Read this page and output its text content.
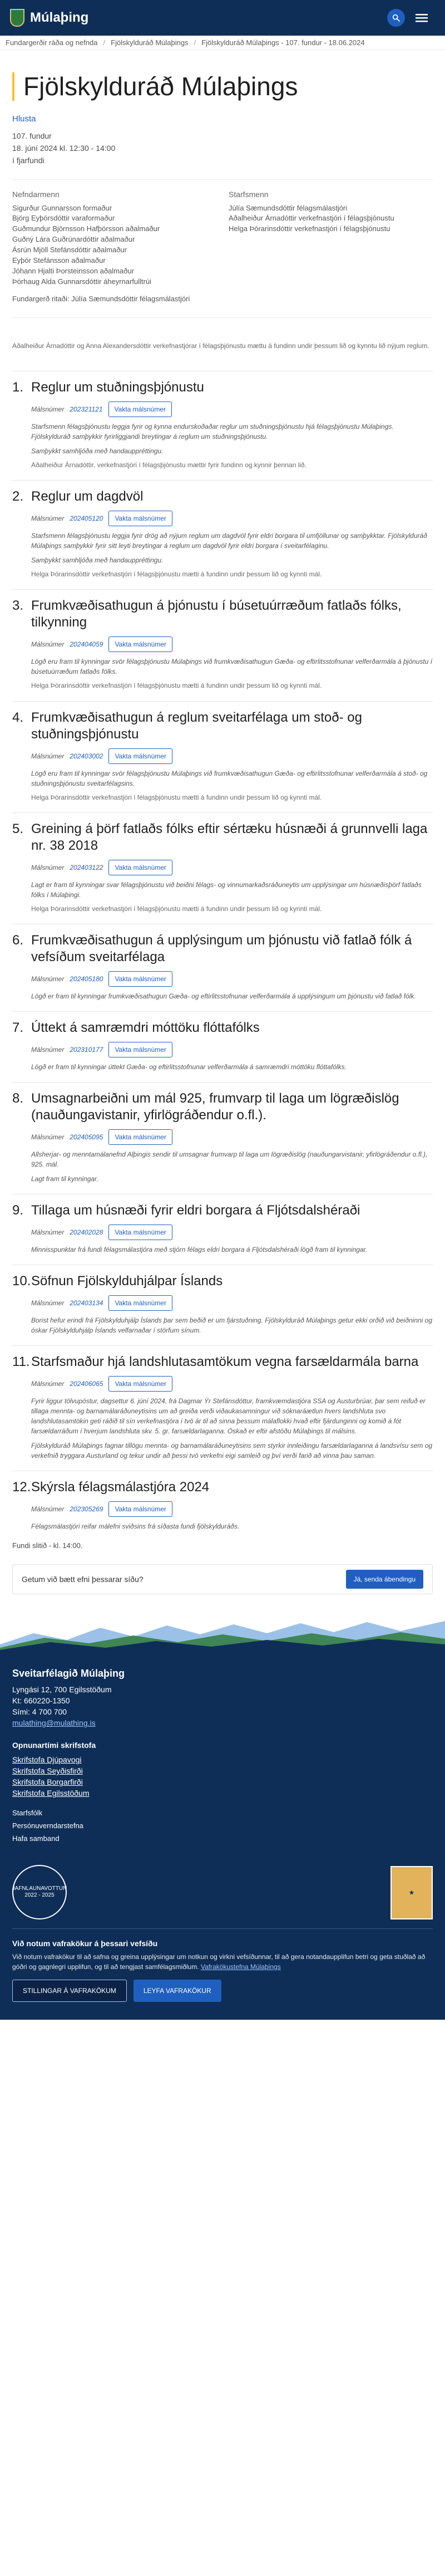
Múlaþing
Fundargerðir ráða og nefnda / Fjölskylduráð Múlaþings / Fjölskylduráð Múlaþings - 107. fundur - 18.06.2024
Fjölskylduráð Múlaþings
Hlusta
107. fundur
18. júní 2024 kl. 12:30 - 14:00
í fjarfundi
Nefndarmenn
Sigurður Gunnarsson formaður
Björg Eyþórsdóttir varaformaður
Guðmundur Björnsson Hafþórsson aðalmaður
Guðný Lára Guðrúnardóttir aðalmaður
Ásrún Mjöll Stefánsdóttir aðalmaður
Eyþór Stefánsson aðalmaður
Jóhann Hjalti Þorsteinsson aðalmaður
Þórhaug Alda Gunnarsdóttir áheyrnarfulltrúi
Starfsmenn
Júlía Sæmundsdóttir félagsmálastjóri
Aðalheiður Árnadóttir verkefnastjóri í félagsþjónustu
Helga Þórarinsdóttir verkefnastjóri í félagsþjónustu
Fundargerð ritaði: Júlía Sæmundsdóttir félagsmálastjóri
Aðalheiður Árnadóttir og Anna Alexandersdóttir verkefnastjórar í félagsþjónustu mættu á fundinn undir þessum lið og kynntu lið nýjum reglum.
1. Reglur um stuðningsþjónustu
Málsnúmer 202321121	Vakta málsnúmer

Starfsmenn félagsþjónustu leggja fyrir og kynna endurskoðaðar reglur um stuðningsþjónustu hjá félagsþjónustu Múlaþings. Fjölskylduráð samþykkir fyrirliggjandi breytingar á reglum um stuðningsþjónustu.

Samþykkt samhljóða með handauppréttingu.

Aðalheiður Árnadóttir, verkefnastjóri í félagsþjónustu mættir fyrir fundinn og kynnir þennan lið.

2. Reglur um dagdvöl
Málsnúmer 202405120	Vakta málsnúmer

Starfsmenn félagsþjónustu leggja fyrir drög að nýjum reglum um dagdvöl fyrir eldri borgara til umfjöllunar og samþykktar. Fjölskylduráð Múlaþings samþykkir fyrir sitt leyti breytingar á reglum um dagdvöl fyrir eldri borgara í sveitarfélaginu.

Samþykkt samhljóða með handauppréttingu.

Helga Þórarinsdóttir verkefnastjóri í félagsþjónustu mætti á fundinn undir þessum lið og kynnti mál.

3. Frumkvæðisathugun á þjónustu í búsetuúrræðum fatlaðs fólks, tilkynning
Málsnúmer 202404059	Vakta málsnúmer

Lögð eru fram til kynningar svör félagsþjónustu Múlaþings við frumkvæðisathugun Gæða- og eftirlitsstofnunar velferðarmála á þjónustu í búsetuúrræðum fatlaðs fólks.

Helga Þórarinsdóttir verkefnastjóri í félagsþjónustu mætti á fundinn undir þessum lið og kynnti mál.

4. Frumkvæðisathugun á reglum sveitarfélaga um stoð- og stuðningsþjónustu
Málsnúmer 202403002	Vakta málsnúmer

Lögð eru fram til kynningar svör félagsþjónustu Múlaþings við frumkvæðisathugun Gæða- og eftirlitsstofnunar velferðarmála á stoð- og stuðningsþjónustu sveitarfélagsins.

Helga Þórarinsdóttir verkefnastjóri í félagsþjónustu mætti á fundinn undir þessum lið og kynnti mál.

5. Greining á þörf fatlaðs fólks eftir sértæku húsnæði á grunnvelli laga nr. 38 2018
Málsnúmer 202403122	Vakta málsnúmer

Lagt er fram til kynningar svar félagsþjónustu við beiðni félags- og vinnumarkaðsráðuneytis um upplýsingar um húsnæðisþörf fatlaðs fólks í Múlaþingi.

Helga Þórarinsdóttir verkefnastjóri í félagsþjónustu mætti á fundinn undir þessum lið og kynnti mál.

6. Frumkvæðisathugun á upplýsingum um þjónustu við fatlað fólk á vefsíðum sveitarfélaga
Málsnúmer 202405180	Vakta málsnúmer

Lögð er fram til kynningar frumkvæðisathugun Gæða- og eftirlitsstofnunar velferðarmála á upplýsingum um þjónustu við fatlað fólk.

7. Úttekt á samræmdri móttöku flóttafólks
Málsnúmer 202310177	Vakta málsnúmer

Lögð er fram til kynningar úttekt Gæða- og eftirlitsstofnunar velferðarmála á samræmdri móttöku flóttafólks.

8. Umsagnarbeiðni um mál 925, frumvarp til laga um lögræðislög (nauðungavistanir, yfirlögráðendur o.fl.).
Málsnúmer 202405095	Vakta málsnúmer

Allsherjar- og menntamálanefnd Alþingis sendir til umsagnar frumvarp til laga um lögræðislög (nauðungarvistanir, yfirlögráðendur o.fl.), 925. mál.

Lagt fram til kynningar.

9. Tillaga um húsnæði fyrir eldri borgara á Fljótsdalshéraði
Málsnúmer 202402028	Vakta málsnúmer

Minnisspunktar frá fundi félagsmálastjóra með stjórn félags eldri borgara á Fljótsdalshéraði lögð fram til kynningar.

10. Söfnun Fjölskylduhjálpar Íslands
Málsnúmer 202403134	Vakta málsnúmer

Borist hefur erindi frá Fjölskylduhjálp Íslands þar sem beðið er um fjárstuðning. Fjölskylduráð Múlaþings getur ekki orðið við beiðninni og óskar Fjölskylduhjálp Íslands velfarnaðar í störfum sínum.

11. Starfsmaður hjá landshlutasamtökum vegna farsældarmála barna
Málsnúmer 202406065	Vakta málsnúmer

Fyrir liggur tölvupóstur, dagsettur 6. júní 2024, frá Dagmar Ýr Stefánsdóttur, framkvæmdastjóra SSA og Austurbrúar, þar sem reifuð er tillaga mennta- og barnamálaráðuneytisins um að greiða verði viðaukasamningur við sóknaráætlun hvers landshluta svo landshlutasamtökin geti ráðið til sín verkefnastjóra í tvö ár til að sinna þessum málaflokki hvað eftir fjárdunginni og komið á fót farsældarráðum í hverjum landshluta skv. 5. gr. farsældarlaganna. Óskað er eftir afstöðu Múlaþings til málsins.

Fjölskylduráð Múlaþings fagnar tillögu mennta- og barnamálaráðuneytisins sem styrkir innleiðingu farsældarlaganna á landsvísu sem og verkefnið tryggara Austurland og tekur undir að þessi tvö verkefni eigi samleið og því verði farið að vinna þau saman.

12. Skýrsla félagsmálastjóra 2024
Málsnúmer 202305269	Vakta málsnúmer

Félagsmálastjóri reifar málefni sviðsins frá síðasta fundi fjölskylduráðs.

Fundi slitið - kl. 14:00.
Getum við bætt efni þessarar síðu?	Já, senda ábendingu
Sveitarfélagið Múlaþing
Lyngási 12, 700 Egilsstöðum
Kt: 660220-1350
Sími: 4 700 700
mulathing@mulathing.is
Opnunartími skrifstofa
Skrifstofa Djúpavogi
Skrifstofa Seyðisfirði
Skrifstofa Borgarfirði
Skrifstofa Egilsstöðum
Starfsfólk
Persónuverndarstefna
Hafa samband
JAFNLAUNAVOTTUN 2022 - 2025	★
Við notum vafrakökur á þessari vefsíðu
Við notum vafrakökur til að safna og greina upplýsingar um notkun og virkni vefsíðunnar, til að gera notandaupplifun betri og geta stuðlað að góðri og gagnlegri upplifun, og til að tengjast samfélagsmiðlum. Vafrakökustefna Múlaþings
STILLINGAR Á VAFRAKÖKUM	LEYFA VAFRAKÖKUR
